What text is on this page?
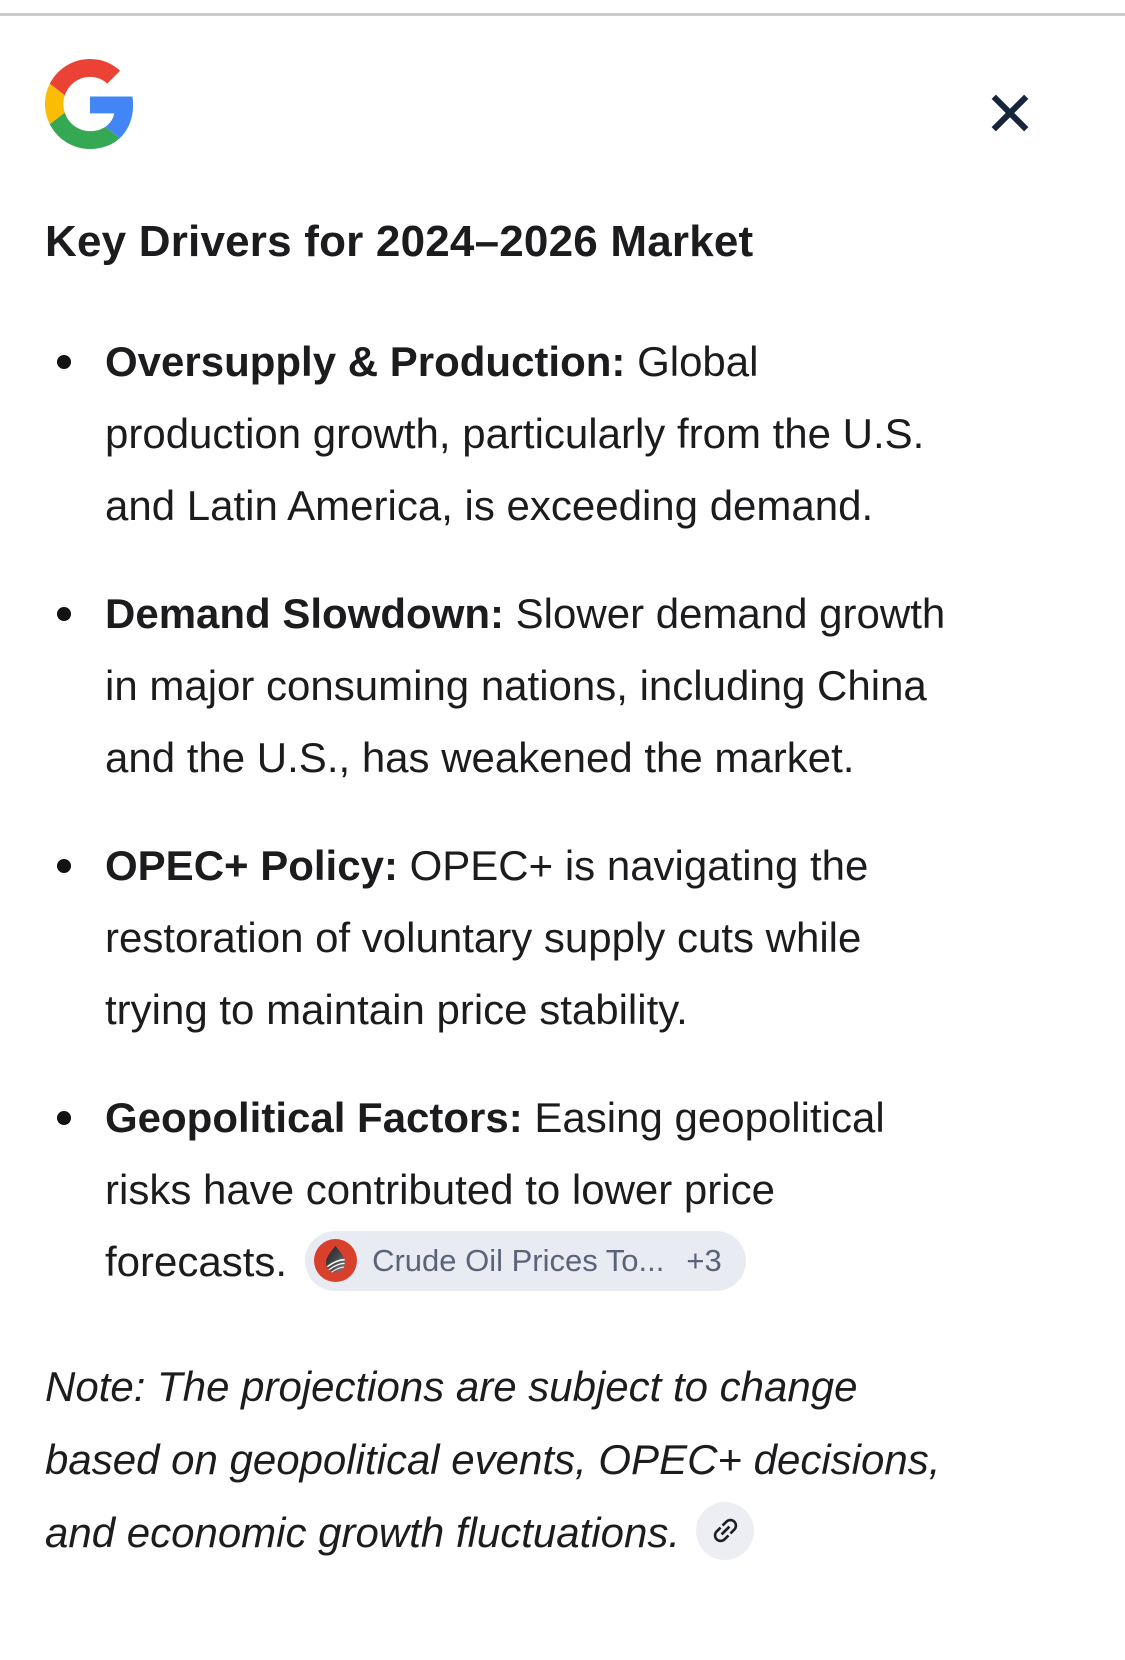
Key Drivers for 2024–2026 Market
Oversupply & Production: Global
production growth, particularly from the U.S.
and Latin America, is exceeding demand.
Demand Slowdown: Slower demand growth
in major consuming nations, including China
and the U.S., has weakened the market.
OPEC+ Policy: OPEC+ is navigating the
restoration of voluntary supply cuts while
trying to maintain price stability.
Geopolitical Factors: Easing geopolitical
risks have contributed to lower price
forecasts.	Crude Oil Prices To... +3

Note: The projections are subject to change
based on geopolitical events, OPEC+ decisions,
and economic growth fluctuations.
